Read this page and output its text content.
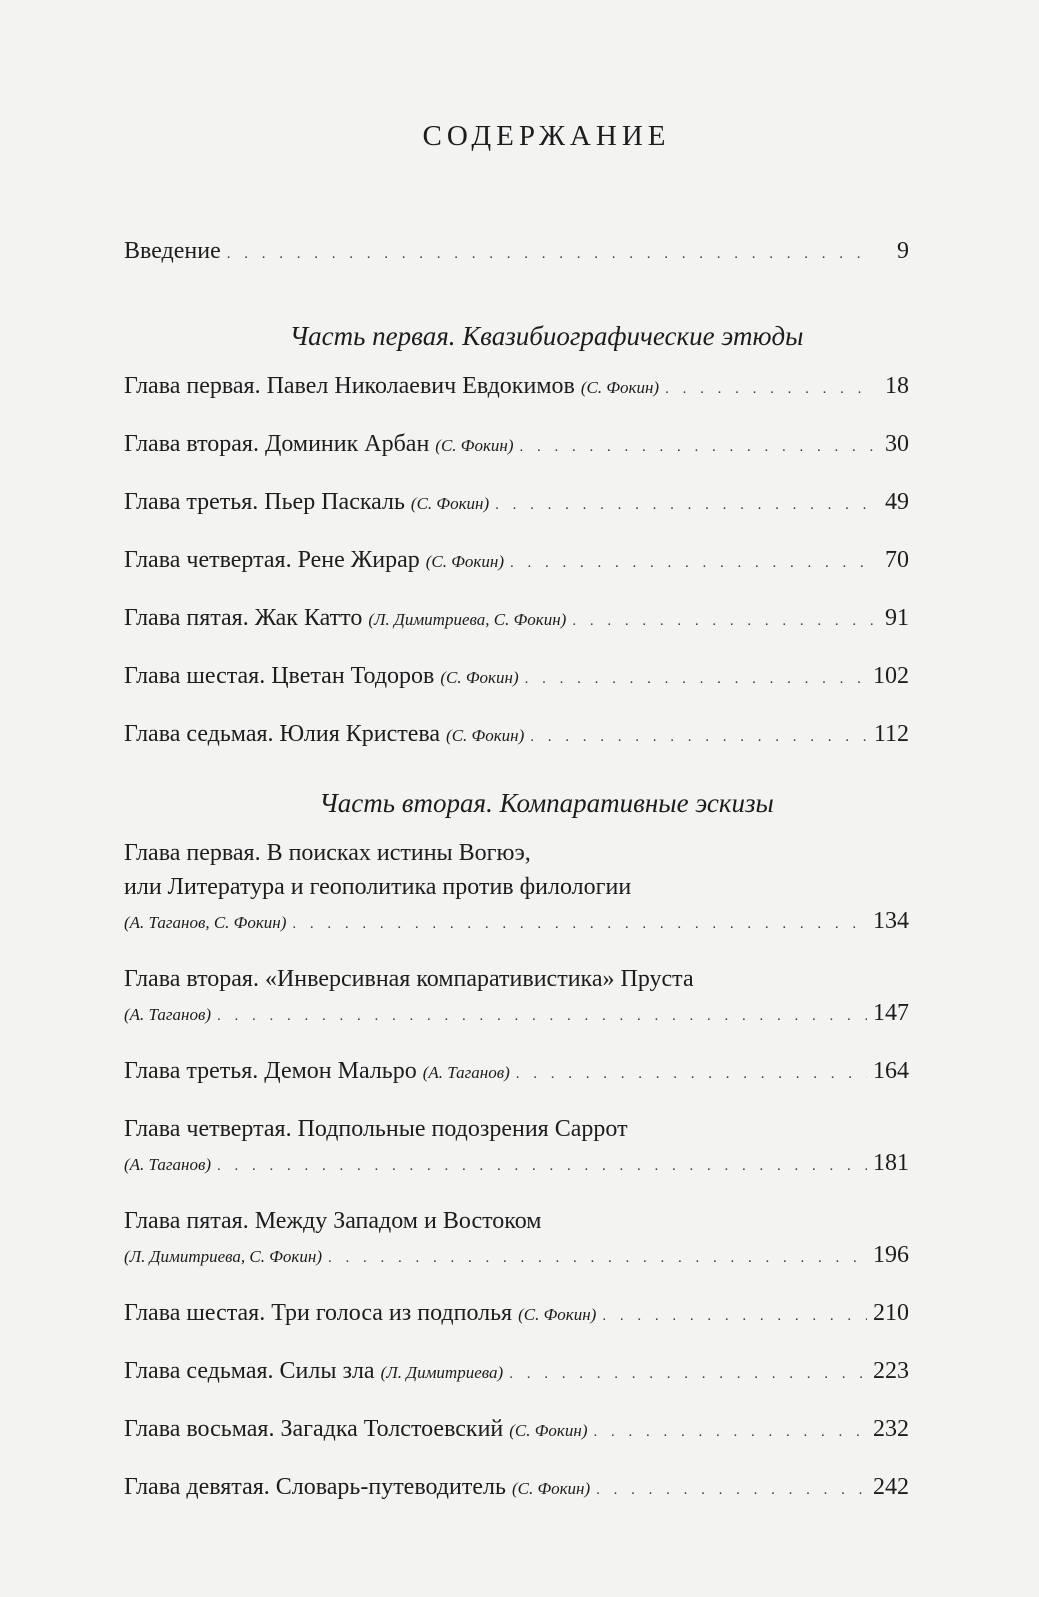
СОДЕРЖАНИЕ
Введение . . .	9
Часть первая. Квазибиографические этюды
Глава первая. Павел Николаевич Евдокимов (С. Фокин) . . .	18
Глава вторая. Доминик Арбан (С. Фокин) . . .	30
Глава третья. Пьер Паскаль (С. Фокин) . . .	49
Глава четвертая. Рене Жирар (С. Фокин) . . .	70
Глава пятая. Жак Катто (Л. Димитриева, С. Фокин) . . .	91
Глава шестая. Цветан Тодоров (С. Фокин) . . .	102
Глава седьмая. Юлия Кристева (С. Фокин) . . .	112
Часть вторая. Компаративные эскизы
Глава первая. В поисках истины Вогюэ,
или Литература и геополитика против филологии
(А. Таганов, С. Фокин) . . .	134
Глава вторая. «Инверсивная компаративистика» Пруста
(А. Таганов) . . .	147
Глава третья. Демон Мальро (А. Таганов) . . .	164
Глава четвертая. Подпольные подозрения Саррот
(А. Таганов) . . .	181
Глава пятая. Между Западом и Востоком
(Л. Димитриева, С. Фокин) . . .	196
Глава шестая. Три голоса из подполья (С. Фокин) . . .	210
Глава седьмая. Силы зла (Л. Димитриева) . . .	223
Глава восьмая. Загадка Толстоевский (С. Фокин) . . .	232
Глава девятая. Словарь-путеводитель (С. Фокин) . . .	242
